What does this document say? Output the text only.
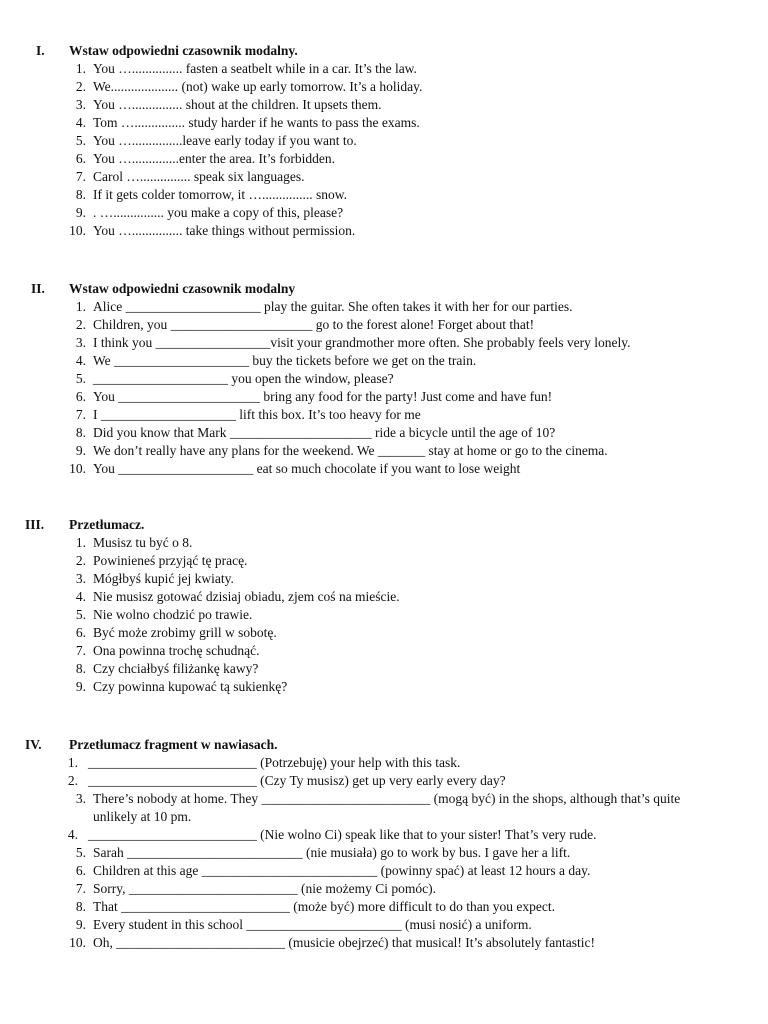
I. Wstaw odpowiedni czasownik modalny.
1. You …............... fasten a seatbelt while in a car. It’s the law.
2. We.................... (not) wake up early tomorrow. It’s a holiday.
3. You …............... shout at the children. It upsets them.
4. Tom …............... study harder if he wants to pass the exams.
5. You …...............leave early today if you want to.
6. You …..............enter the area. It’s forbidden.
7. Carol …............... speak six languages.
8. If it gets colder tomorrow, it …............... snow.
9. . …............... you make a copy of this, please?
10. You …............... take things without permission.
II. Wstaw odpowiedni czasownik modalny
1. Alice ____________________ play the guitar. She often takes it with her for our parties.
2. Children, you _____________________ go to the forest alone! Forget about that!
3. I think you _________________visit your grandmother more often. She probably feels very lonely.
4. We ____________________ buy the tickets before we get on the train.
5. ____________________ you open the window, please?
6. You _____________________ bring any food for the party! Just come and have fun!
7. I ____________________ lift this box. It’s too heavy for me
8. Did you know that Mark _____________________ ride a bicycle until the age of 10?
9. We don’t really have any plans for the weekend. We _______ stay at home or go to the cinema.
10. You ____________________ eat so much chocolate if you want to lose weight
III. Przetłumacz.
1. Musisz tu być o 8.
2. Powinieneś przyjąć tę pracę.
3. Mógłbyś kupić jej kwiaty.
4. Nie musisz gotować dzisiaj obiadu, zjem coś na mieście.
5. Nie wolno chodzić po trawie.
6. Być może zrobimy grill w sobotę.
7. Ona powinna trochę schudnąć.
8. Czy chciałbyś filiżankę kawy?
9. Czy powinna kupować tą sukienkę?
IV. Przetłumacz fragment w nawiasach.
1. _________________________ (Potrzebuję) your help with this task.
2. _________________________ (Czy Ty musisz) get up very early every day?
3. There’s nobody at home. They _________________________ (mogą być) in the shops, although that’s quite unlikely at 10 pm.
4. _________________________ (Nie wolno Ci) speak like that to your sister! That’s very rude.
5. Sarah __________________________ (nie musiała) go to work by bus. I gave her a lift.
6. Children at this age __________________________ (powinny spać) at least 12 hours a day.
7. Sorry, _________________________ (nie możemy Ci pomóc).
8. That _________________________ (może być) more difficult to do than you expect.
9. Every student in this school _______________________ (musi nosić) a uniform.
10. Oh, _________________________ (musicie obejrzeć) that musical! It’s absolutely fantastic!
